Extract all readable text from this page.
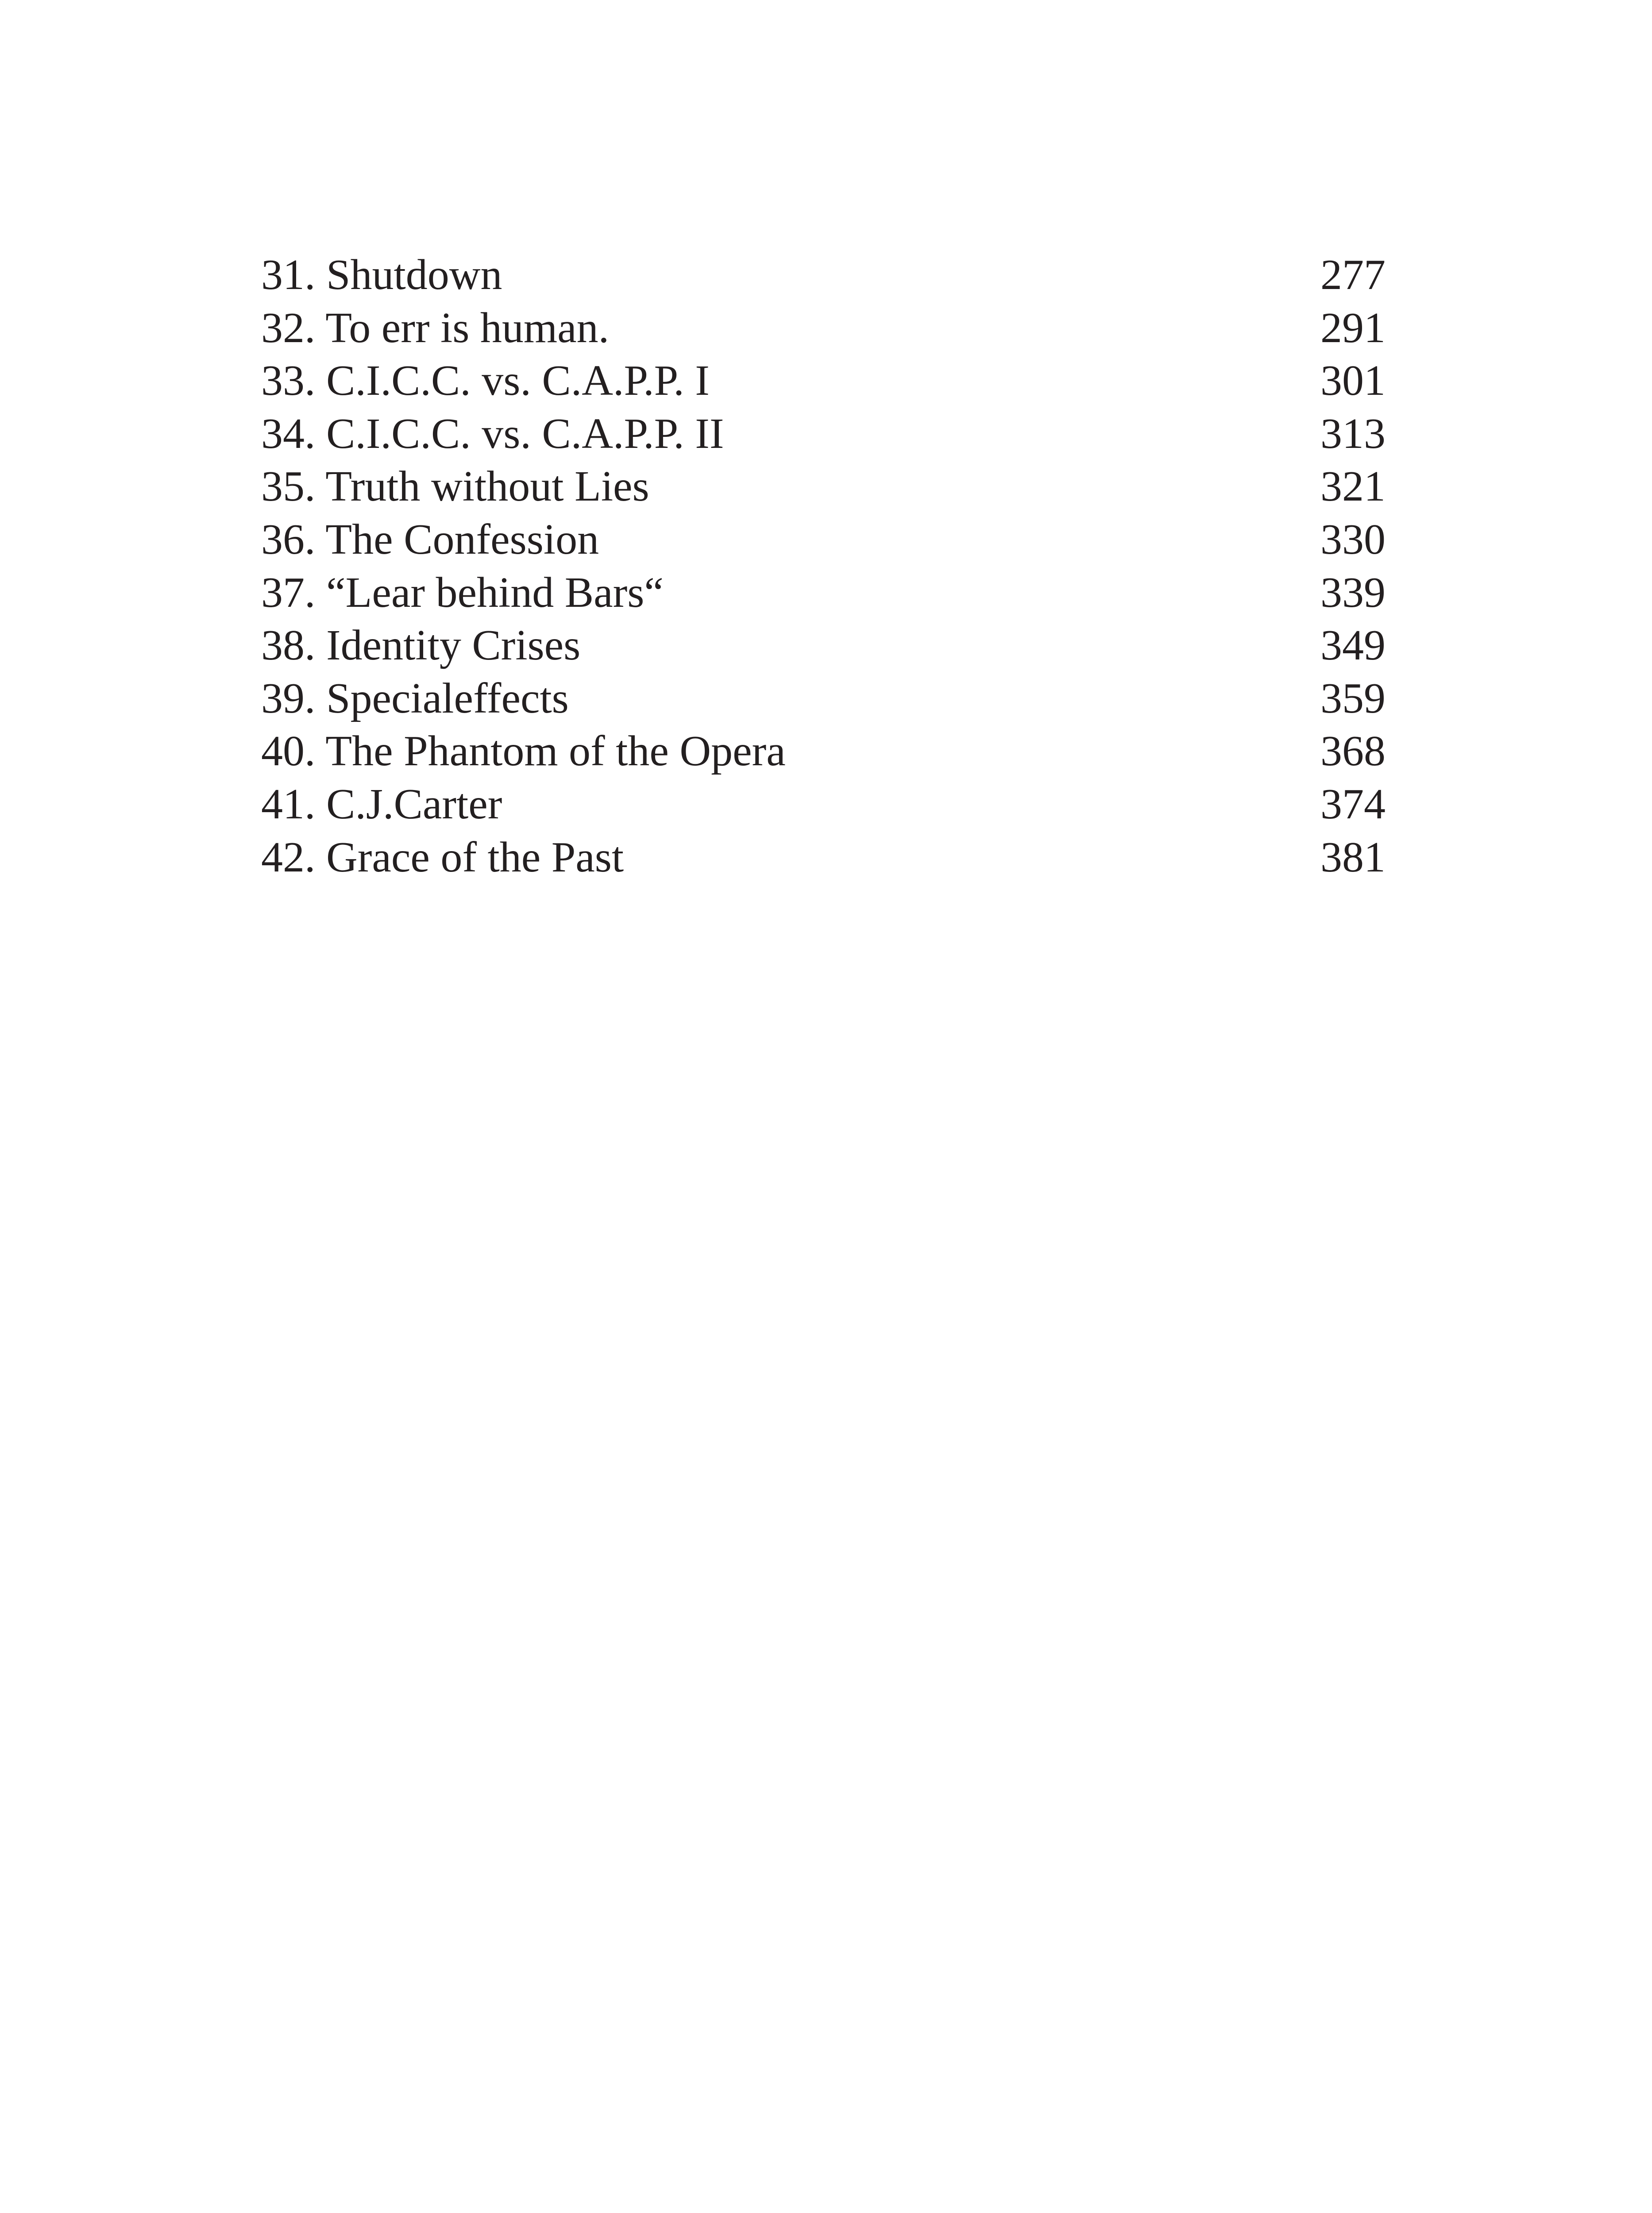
31. Shutdown	277
32. To err is human.	291
33. C.I.C.C. vs. C.A.P.P. I	301
34. C.I.C.C. vs. C.A.P.P. II	313
35. Truth without Lies	321
36. The Confession	330
37. “Lear behind Bars“	339
38. Identity Crises	349
39. Specialeffects	359
40. The Phantom of the Opera	368
41. C.J.Carter	374
42. Grace of the Past	381
